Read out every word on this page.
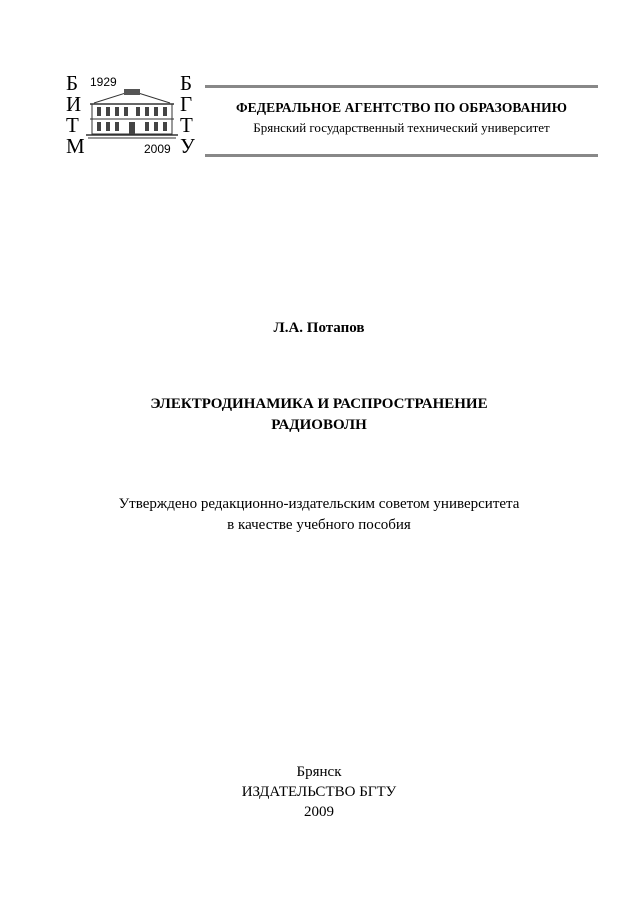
Б
И
Т
М
1929
2009
Б
Г
Т
У
ФЕДЕРАЛЬНОЕ АГЕНТСТВО ПО ОБРАЗОВАНИЮ
Брянский государственный технический университет
Л.А. Потапов
ЭЛЕКТРОДИНАМИКА И РАСПРОСТРАНЕНИЕ
РАДИОВОЛН
Утверждено редакционно-издательским советом университета
в качестве учебного пособия
Брянск
ИЗДАТЕЛЬСТВО БГТУ
2009
